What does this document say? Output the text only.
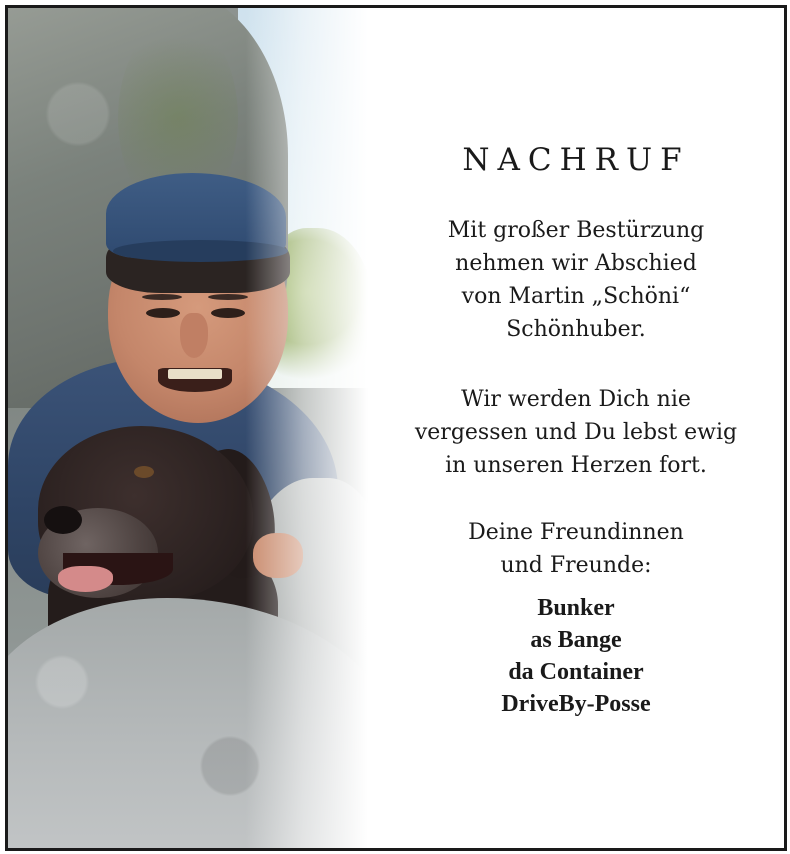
NACHRUF
Mit großer Bestürzung
nehmen wir Abschied
von Martin „Schöni“
Schönhuber.
Wir werden Dich nie
vergessen und Du lebst ewig
in unseren Herzen fort.
Deine Freundinnen
und Freunde:
Bunker
as Bange
da Container
DriveBy-Posse
